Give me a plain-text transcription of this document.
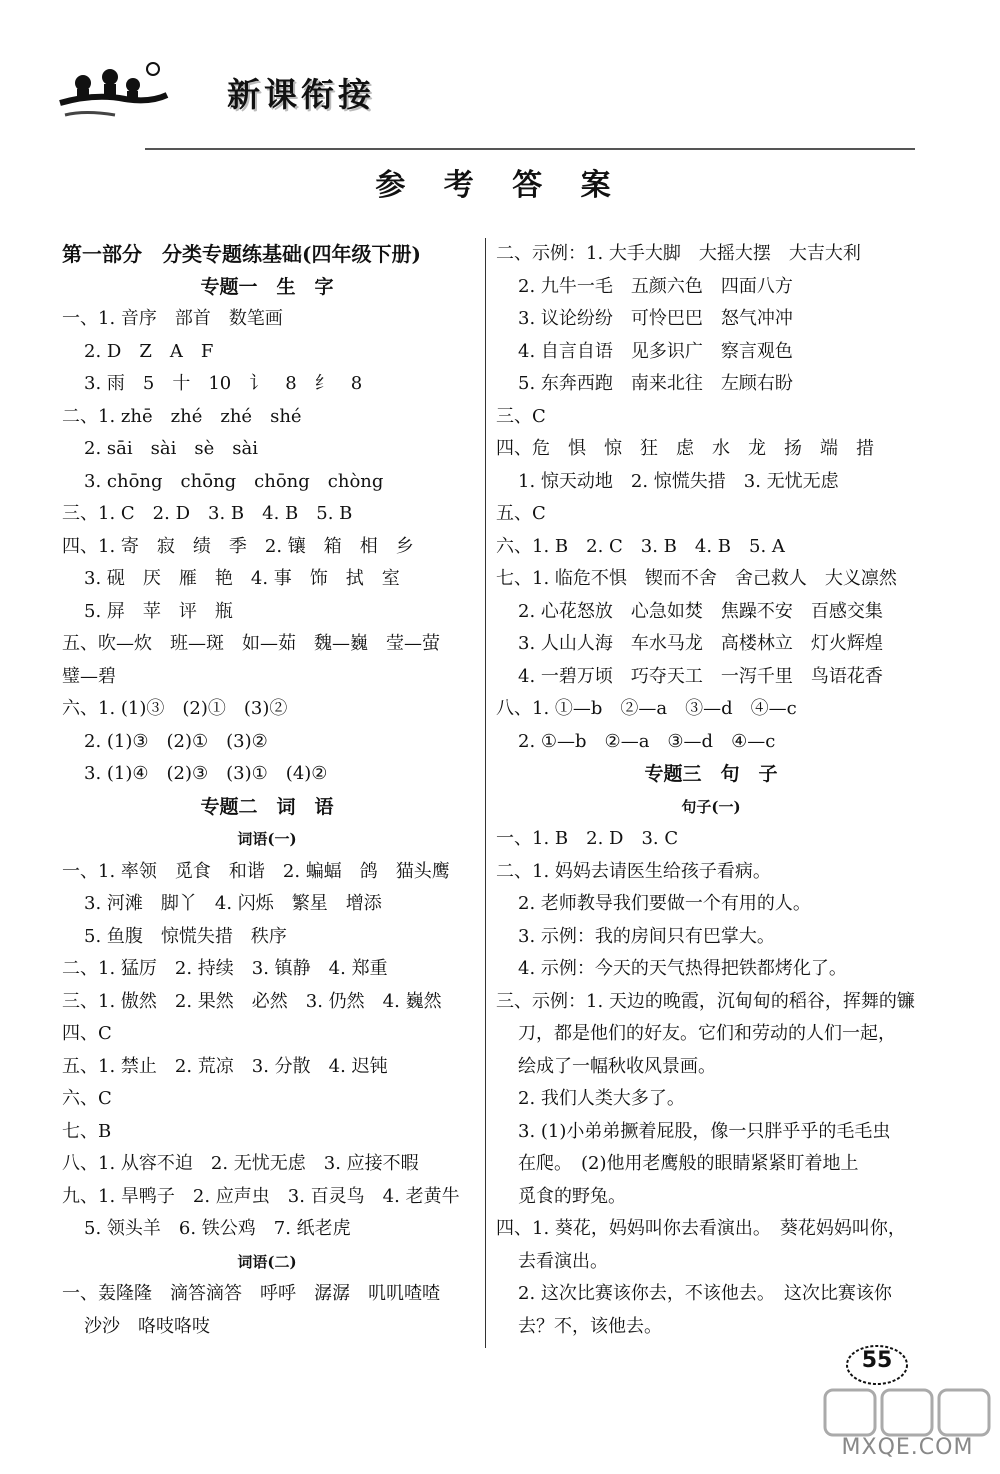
新课衔接
参 考 答 案
第一部分　分类专题练基础(四年级下册)
专题一　生　字
一、1. 音序　部首　数笔画
2. D　Z　A　F
3. 雨　5　十　10　讠　8　纟　8
二、1. zhē　zhé　zhé　shé
2. sāi　sài　sè　sài
3. chōng　chōng　chōng　chòng
三、1. C　2. D　3. B　4. B　5. B
四、1. 寄　寂　绩　季　2. 镶　箱　相　乡
3. 砚　厌　雁　艳　4. 事　饰　拭　室
5. 屏　苹　评　瓶
五、吹—炊　班—斑　如—茹　魏—巍　莹—萤
璧—碧
六、1. (1)③　(2)①　(3)②
2. (1)③　(2)①　(3)②
3. (1)④　(2)③　(3)①　(4)②
专题二　词　语
词语(一)
一、1. 率领　觅食　和谐　2. 蝙蝠　鸽　猫头鹰
3. 河滩　脚丫　4. 闪烁　繁星　增添
5. 鱼腹　惊慌失措　秩序
二、1. 猛厉　2. 持续　3. 镇静　4. 郑重
三、1. 傲然　2. 果然　必然　3. 仍然　4. 巍然
四、C
五、1. 禁止　2. 荒凉　3. 分散　4. 迟钝
六、C
七、B
八、1. 从容不迫　2. 无忧无虑　3. 应接不暇
九、1. 旱鸭子　2. 应声虫　3. 百灵鸟　4. 老黄牛
5. 领头羊　6. 铁公鸡　7. 纸老虎
词语(二)
一、轰隆隆　滴答滴答　呼呼　潺潺　叽叽喳喳
沙沙　咯吱咯吱
二、示例：1. 大手大脚　大摇大摆　大吉大利
2. 九牛一毛　五颜六色　四面八方
3. 议论纷纷　可怜巴巴　怒气冲冲
4. 自言自语　见多识广　察言观色
5. 东奔西跑　南来北往　左顾右盼
三、C
四、危　惧　惊　狂　虑　水　龙　扬　端　措
1. 惊天动地　2. 惊慌失措　3. 无忧无虑
五、C
六、1. B　2. C　3. B　4. B　5. A
七、1. 临危不惧　锲而不舍　舍己救人　大义凛然
2. 心花怒放　心急如焚　焦躁不安　百感交集
3. 人山人海　车水马龙　高楼林立　灯火辉煌
4. 一碧万顷　巧夺天工　一泻千里　鸟语花香
八、1. ①—b　②—a　③—d　④—c
2. ①—b　②—a　③—d　④—c
专题三　句　子
句子(一)
一、1. B　2. D　3. C
二、1. 妈妈去请医生给孩子看病。
2. 老师教导我们要做一个有用的人。
3. 示例：我的房间只有巴掌大。
4. 示例：今天的天气热得把铁都烤化了。
三、示例：1. 天边的晚霞，沉甸甸的稻谷，挥舞的镰
刀，都是他们的好友。它们和劳动的人们一起，
绘成了一幅秋收风景画。
2. 我们人类大多了。
3. (1)小弟弟撅着屁股，像一只胖乎乎的毛毛虫
在爬。　(2)他用老鹰般的眼睛紧紧盯着地上
觅食的野兔。
四、1. 葵花，妈妈叫你去看演出。　葵花妈妈叫你，
去看演出。
2. 这次比赛该你去，不该他去。　这次比赛该你
去？不，该他去。
55
MXQE.COM
